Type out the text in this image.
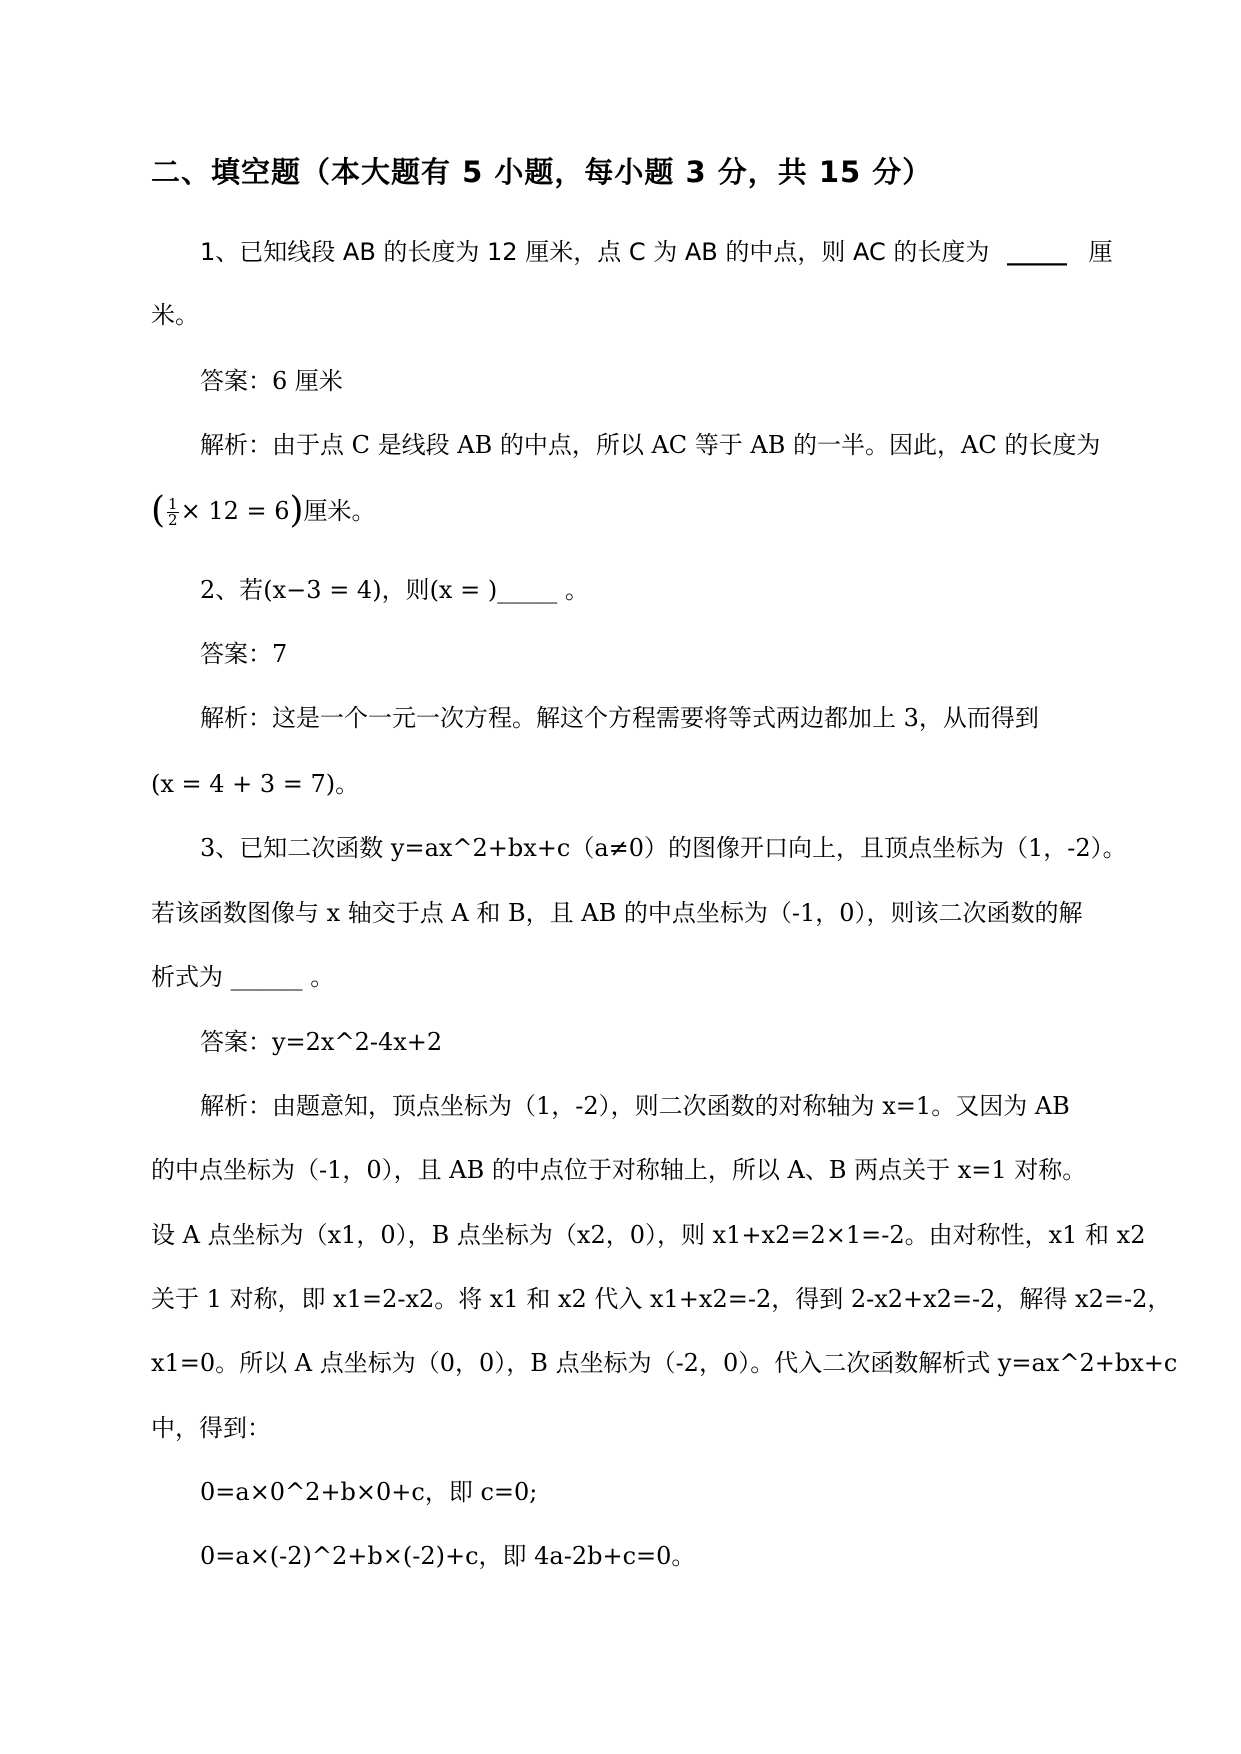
二、填空题（本大题有 5 小题，每小题 3 分，共 15 分）
1、已知线段 AB 的长度为 12 厘米，点 C 为 AB 的中点，则 AC 的长度为 _____ 厘
米。
答案：6 厘米
解析：由于点 C 是线段 AB 的中点，所以 AC 等于 AB 的一半。因此，AC 的长度为
( $\frac{1}{2} \times 12 = 6$)厘米。
2、若(x−3 = 4)，则(x = )_____ 。
答案：7
解析：这是一个一元一次方程。解这个方程需要将等式两边都加上 3，从而得到
(x = 4 + 3 = 7)。
3、已知二次函数 y=ax^2+bx+c（a≠0）的图像开口向上，且顶点坐标为（1，-2）。
若该函数图像与 x 轴交于点 A 和 B，且 AB 的中点坐标为（-1，0），则该二次函数的解
析式为 ______ 。
答案：y=2x^2-4x+2
解析：由题意知，顶点坐标为（1，-2），则二次函数的对称轴为 x=1。又因为 AB
的中点坐标为（-1，0），且 AB 的中点位于对称轴上，所以 A、B 两点关于 x=1 对称。
设 A 点坐标为（x1，0），B 点坐标为（x2，0），则 x1+x2=2×1=-2。由对称性，x1 和 x2
关于 1 对称，即 x1=2-x2。将 x1 和 x2 代入 x1+x2=-2，得到 2-x2+x2=-2，解得 x2=-2，
x1=0。所以 A 点坐标为（0，0），B 点坐标为（-2，0）。代入二次函数解析式 y=ax^2+bx+c
中，得到：
0=a×0^2+b×0+c，即 c=0;
0=a×(-2)^2+b×(-2)+c，即 4a-2b+c=0。
